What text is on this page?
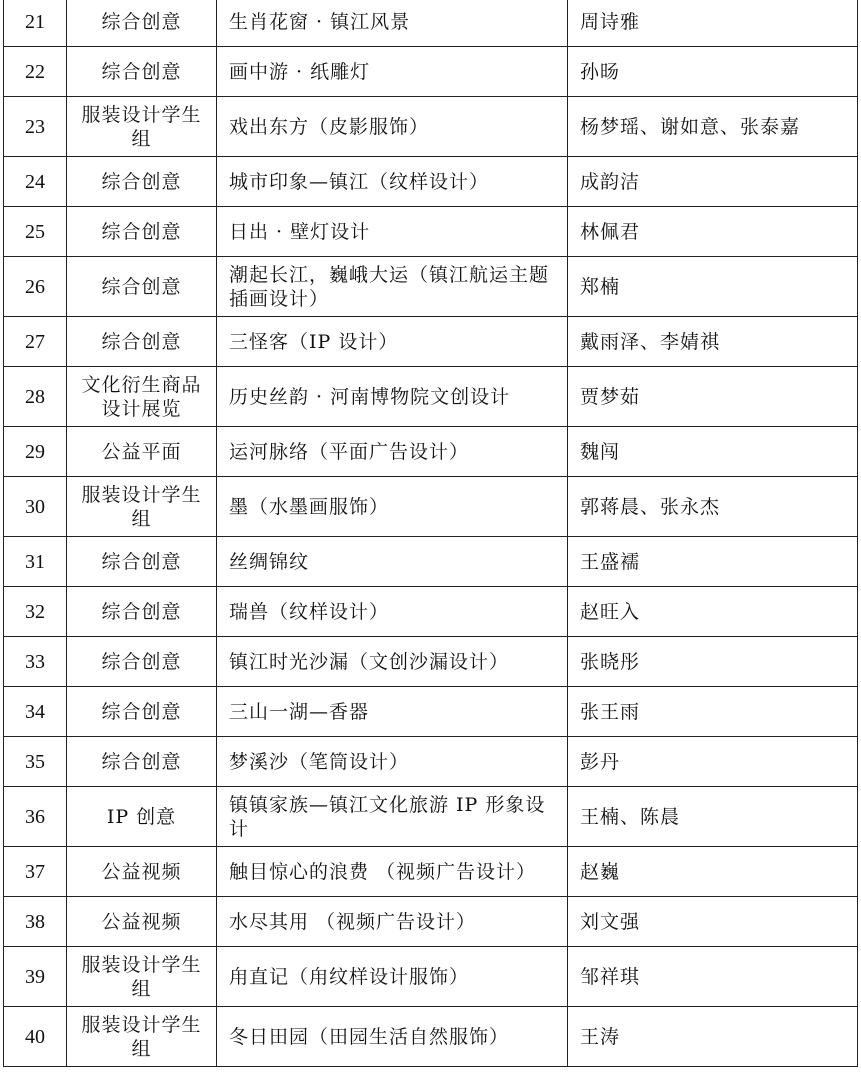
21	综合创意	生肖花窗 · 镇江风景	周诗雅
22	综合创意	画中游 · 纸雕灯	孙旸
23	服装设计学生组	戏出东方（皮影服饰）	杨梦瑶、谢如意、张泰嘉
24	综合创意	城市印象—镇江（纹样设计）	成韵洁
25	综合创意	日出 · 壁灯设计	林佩君
26	综合创意	潮起长江，巍峨大运（镇江航运主题插画设计）	郑楠
27	综合创意	三怪客（IP 设计）	戴雨泽、李婧祺
28	文化衍生商品设计展览	历史丝韵 · 河南博物院文创设计	贾梦茹
29	公益平面	运河脉络（平面广告设计）	魏闯
30	服装设计学生组	墨（水墨画服饰）	郭蒋晨、张永杰
31	综合创意	丝绸锦纹	王盛襦
32	综合创意	瑞兽（纹样设计）	赵旺入
33	综合创意	镇江时光沙漏（文创沙漏设计）	张晓彤
34	综合创意	三山一湖—香器	张王雨
35	综合创意	梦溪沙（笔筒设计）	彭丹
36	IP 创意	镇镇家族—镇江文化旅游 IP 形象设计	王楠、陈晨
37	公益视频	触目惊心的浪费 （视频广告设计）	赵巍
38	公益视频	水尽其用 （视频广告设计）	刘文强
39	服装设计学生组	甪直记（甪纹样设计服饰）	邹祥琪
40	服装设计学生组	冬日田园（田园生活自然服饰）	王涛
